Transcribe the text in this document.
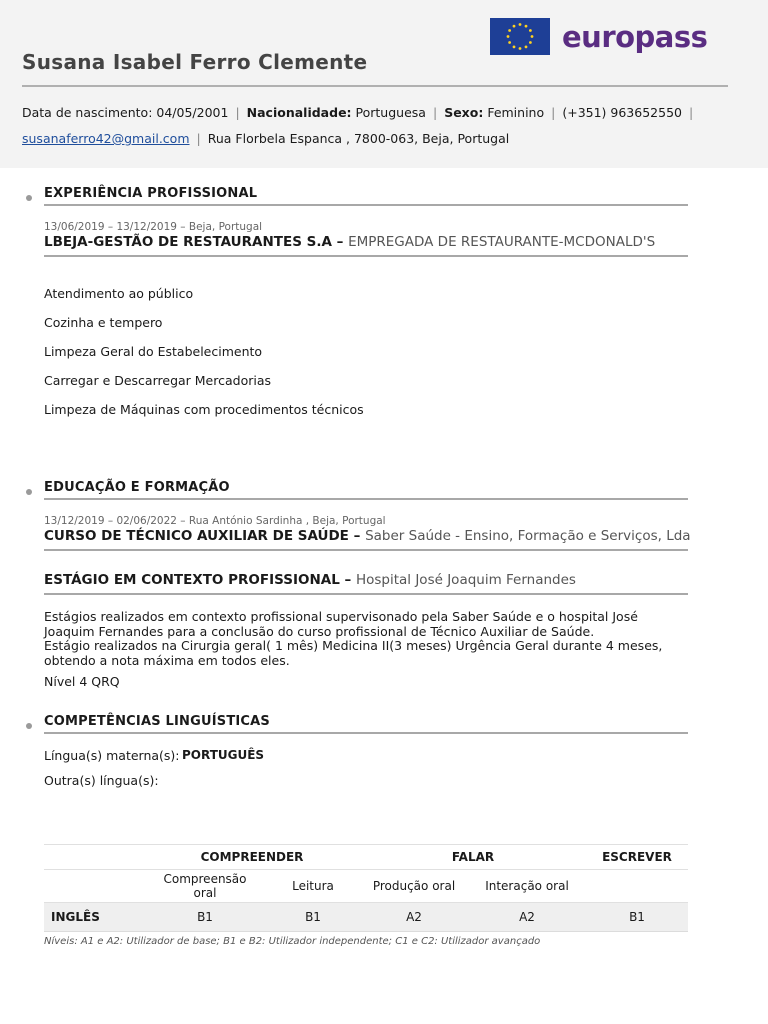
europass
Susana Isabel Ferro Clemente
Data de nascimento: 04/05/2001 | Nacionalidade: Portuguesa | Sexo: Feminino | (+351) 963652550 |
susanaferro42@gmail.com | Rua Florbela Espanca , 7800-063, Beja, Portugal
EXPERIÊNCIA PROFISSIONAL
13/06/2019 – 13/12/2019 – Beja, Portugal
LBEJA-GESTÃO DE RESTAURANTES S.A – EMPREGADA DE RESTAURANTE-MCDONALD'S
Atendimento ao público
Cozinha e tempero
Limpeza Geral do Estabelecimento
Carregar e Descarregar Mercadorias
Limpeza de Máquinas com procedimentos técnicos
EDUCAÇÃO E FORMAÇÃO
13/12/2019 – 02/06/2022 – Rua António Sardinha , Beja, Portugal
CURSO DE TÉCNICO AUXILIAR DE SAÚDE – Saber Saúde - Ensino, Formação e Serviços, Lda
ESTÁGIO EM CONTEXTO PROFISSIONAL – Hospital José Joaquim Fernandes
Estágios realizados em contexto profissional supervisonado pela Saber Saúde e o hospital José Joaquim Fernandes para a conclusão do curso profissional de Técnico Auxiliar de Saúde.
Estágio realizados na Cirurgia geral( 1 mês) Medicina II(3 meses) Urgência Geral durante 4 meses, obtendo a nota máxima em todos eles.
Nível 4 QRQ
COMPETÊNCIAS LINGUÍSTICAS
Língua(s) materna(s): PORTUGUÊS
Outra(s) língua(s):
	COMPREENDER		FALAR		ESCREVER
	Compreensão oral	Leitura	Produção oral	Interação oral	
INGLÊS	B1	B1	A2	A2	B1
Níveis: A1 e A2: Utilizador de base; B1 e B2: Utilizador independente; C1 e C2: Utilizador avançado
